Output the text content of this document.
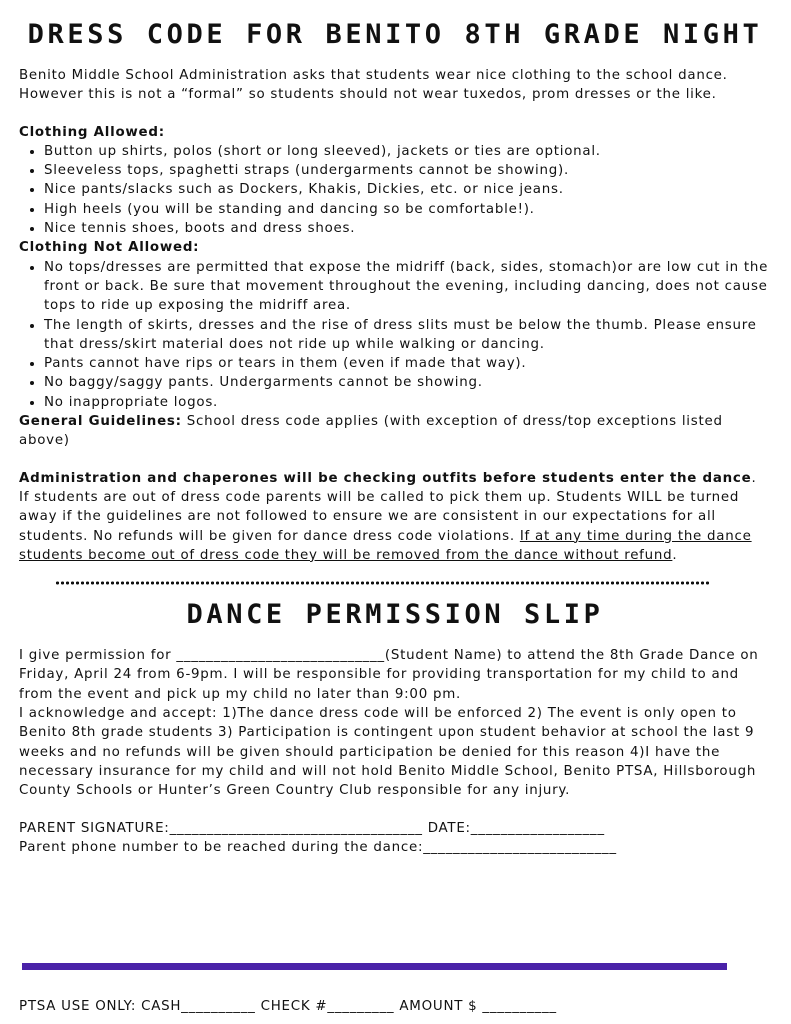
DRESS CODE FOR BENITO 8TH GRADE NIGHT

Benito Middle School Administration asks that students wear nice clothing to the school dance. However this is not a “formal” so students should not wear tuxedos, prom dresses or the like.

Clothing Allowed:
• Button up shirts, polos (short or long sleeved), jackets or ties are optional.
• Sleeveless tops, spaghetti straps (undergarments cannot be showing).
• Nice pants/slacks such as Dockers, Khakis, Dickies, etc. or nice jeans.
• High heels (you will be standing and dancing so be comfortable!).
• Nice tennis shoes, boots and dress shoes.
Clothing Not Allowed:
• No tops/dresses are permitted that expose the midriff (back, sides, stomach)or are low cut in the front or back. Be sure that movement throughout the evening, including dancing, does not cause tops to ride up exposing the midriff area.
• The length of skirts, dresses and the rise of dress slits must be below the thumb. Please ensure that dress/skirt material does not ride up while walking or dancing.
• Pants cannot have rips or tears in them (even if made that way).
• No baggy/saggy pants. Undergarments cannot be showing.
• No inappropriate logos.

General Guidelines: School dress code applies (with exception of dress/top exceptions listed above)

Administration and chaperones will be checking outfits before students enter the dance. If students are out of dress code parents will be called to pick them up. Students WILL be turned away if the guidelines are not followed to ensure we are consistent in our expectations for all students. No refunds will be given for dance dress code violations. If at any time during the dance students become out of dress code they will be removed from the dance without refund.

DANCE PERMISSION SLIP

I give permission for ____________________________(Student Name) to attend the 8th Grade Dance on Friday, April 24 from 6-9pm. I will be responsible for providing transportation for my child to and from the event and pick up my child no later than 9:00 pm.

I acknowledge and accept: 1)The dance dress code will be enforced 2) The event is only open to Benito 8th grade students 3) Participation is contingent upon student behavior at school the last 9 weeks and no refunds will be given should participation be denied for this reason 4)I have the necessary insurance for my child and will not hold Benito Middle School, Benito PTSA, Hillsborough County Schools or Hunter’s Green Country Club responsible for any injury.

PARENT SIGNATURE:__________________________________ DATE:__________________

Parent phone number to be reached during the dance:__________________________

PTSA USE ONLY: CASH__________ CHECK #_________ AMOUNT $ __________
